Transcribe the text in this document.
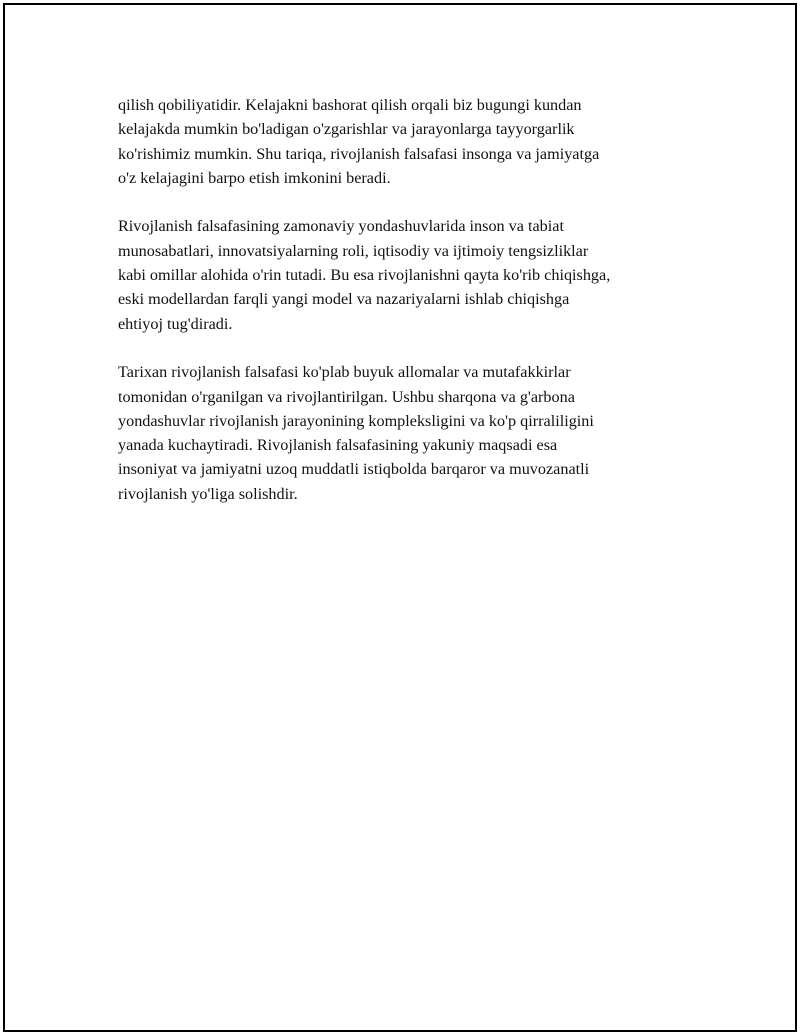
qilish qobiliyatidir. Kelajakni bashorat qilish orqali biz bugungi kundan
kelajakda mumkin bo'ladigan o'zgarishlar va jarayonlarga tayyorgarlik
ko'rishimiz mumkin. Shu tariqa, rivojlanish falsafasi insonga va jamiyatga
o'z kelajagini barpo etish imkonini beradi.

Rivojlanish falsafasining zamonaviy yondashuvlarida inson va tabiat
munosabatlari, innovatsiyalarning roli, iqtisodiy va ijtimoiy tengsizliklar
kabi omillar alohida o'rin tutadi. Bu esa rivojlanishni qayta ko'rib chiqishga,
eski modellardan farqli yangi model va nazariyalarni ishlab chiqishga
ehtiyoj tug'diradi.

Tarixan rivojlanish falsafasi ko'plab buyuk allomalar va mutafakkirlar
tomonidan o'rganilgan va rivojlantirilgan. Ushbu sharqona va g'arbona
yondashuvlar rivojlanish jarayonining kompleksligini va ko'p qirraliligini
yanada kuchaytiradi. Rivojlanish falsafasining yakuniy maqsadi esa
insoniyat va jamiyatni uzoq muddatli istiqbolda barqaror va muvozanatli
rivojlanish yo'liga solishdir.
